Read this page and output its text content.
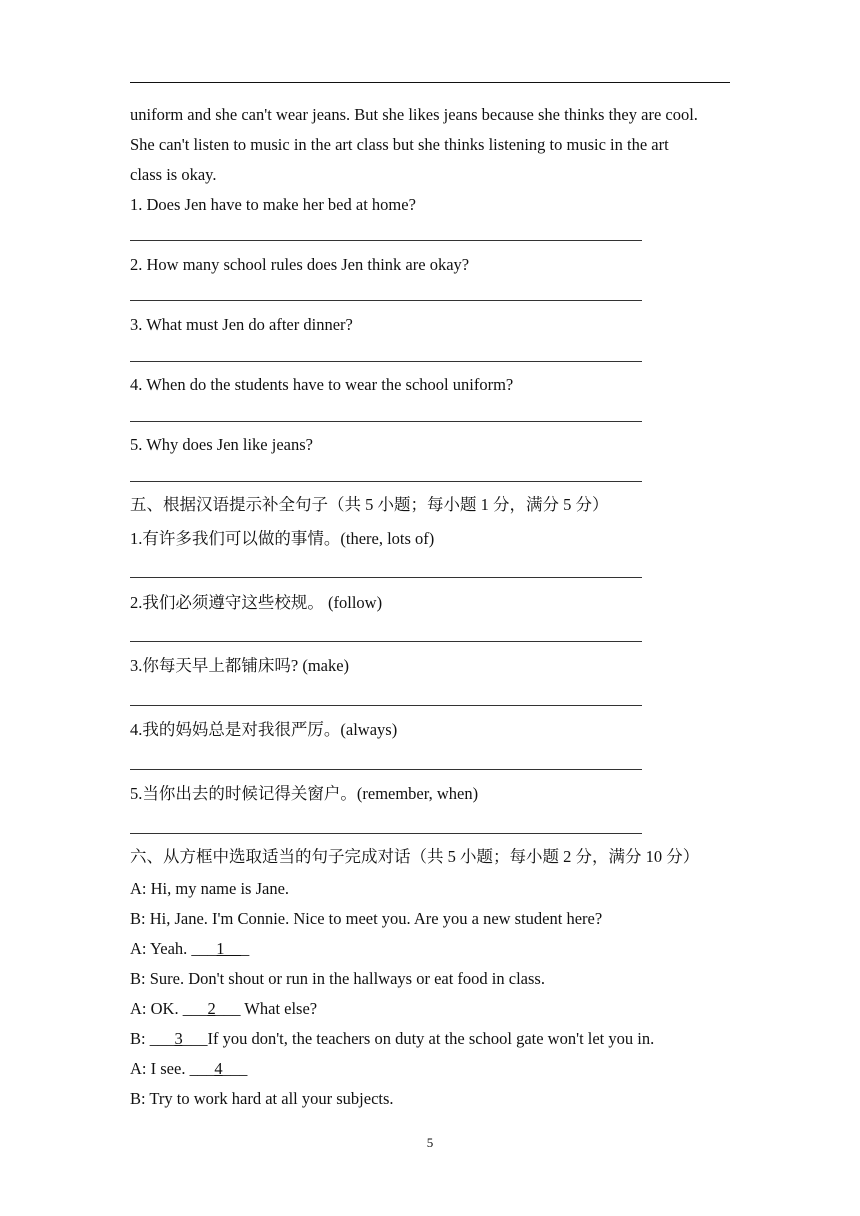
uniform and she can't wear jeans. But she likes jeans because she thinks they are cool.
She can't listen to music in the art class but she thinks listening to music in the art
class is okay.
1. Does Jen have to make her bed at home?
2. How many school rules does Jen think are okay?
3. What must Jen do after dinner?
4. When do the students have to wear the school uniform?
5. Why does Jen like jeans?
五、根据汉语提示补全句子（共 5 小题；每小题 1 分，满分 5 分）
1.有许多我们可以做的事情。(there, lots of)
2.我们必须遵守这些校规。 (follow)
3.你每天早上都铺床吗? (make)
4.我的妈妈总是对我很严厉。(always)
5.当你出去的时候记得关窗户。(remember, when)
六、从方框中选取适当的句子完成对话（共 5 小题；每小题 2 分，满分 10 分）
A: Hi, my name is Jane.
B: Hi, Jane. I'm Connie. Nice to meet you. Are you a new student here?
A: Yeah. ___1___
B: Sure. Don't shout or run in the hallways or eat food in class.
A: OK. ___2___ What else?
B: ___3___If you don't, the teachers on duty at the school gate won't let you in.
A: I see. ___4___
B: Try to work hard at all your subjects.
5
